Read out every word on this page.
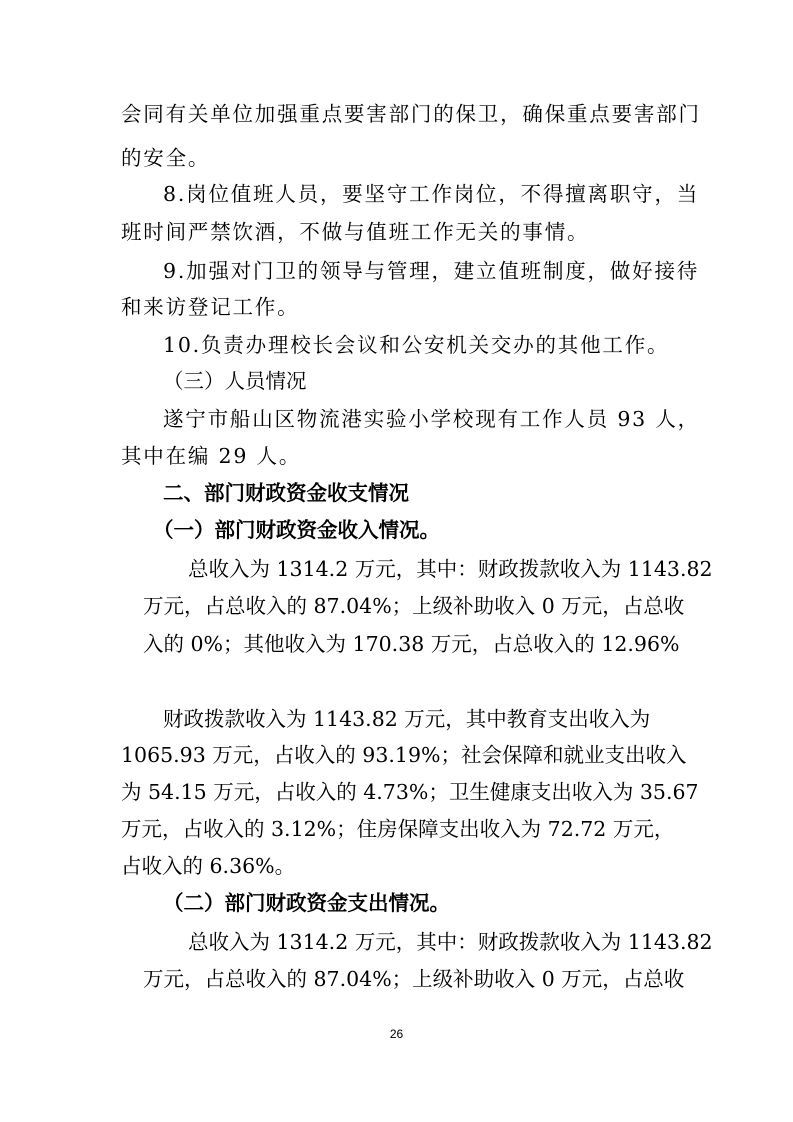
会同有关单位加强重点要害部门的保卫，确保重点要害部门
的安全。
8.岗位值班人员，要坚守工作岗位，不得擅离职守，当
班时间严禁饮酒，不做与值班工作无关的事情。
9.加强对门卫的领导与管理，建立值班制度，做好接待
和来访登记工作。
10.负责办理校长会议和公安机关交办的其他工作。
（三）人员情况
遂宁市船山区物流港实验小学校现有工作人员 93 人，
其中在编 29 人。
二、部门财政资金收支情况
（一）部门财政资金收入情况。
总收入为 1314.2 万元，其中：财政拨款收入为 1143.82
万元，占总收入的 87.04%；上级补助收入 0 万元，占总收
入的 0%；其他收入为 170.38 万元，占总收入的 12.96%
财政拨款收入为 1143.82 万元，其中教育支出收入为
1065.93 万元，占收入的 93.19%；社会保障和就业支出收入
为 54.15 万元，占收入的 4.73%；卫生健康支出收入为 35.67
万元，占收入的 3.12%；住房保障支出收入为 72.72 万元，
占收入的 6.36%。
（二）部门财政资金支出情况。
总收入为 1314.2 万元，其中：财政拨款收入为 1143.82
万元，占总收入的 87.04%；上级补助收入 0 万元，占总收
26
